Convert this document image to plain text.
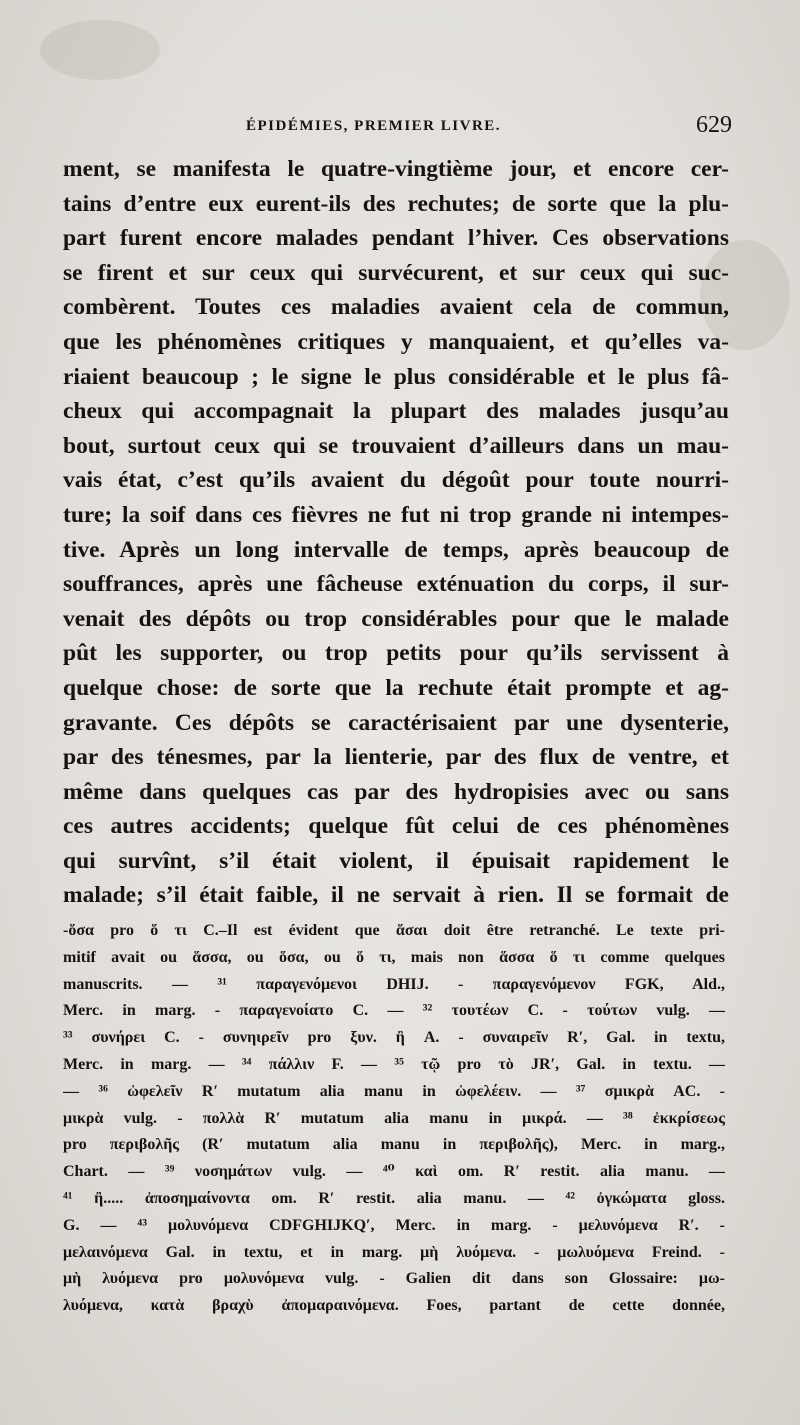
ÉPIDÉMIES, PREMIER LIVRE.	629
ment, se manifesta le quatre-vingtième jour, et encore cer-
tains d’entre eux eurent-ils des rechutes; de sorte que la plu-
part furent encore malades pendant l’hiver. Ces observations
se firent et sur ceux qui survécurent, et sur ceux qui suc-
combèrent. Toutes ces maladies avaient cela de commun,
que les phénomènes critiques y manquaient, et qu’elles va-
riaient beaucoup ; le signe le plus considérable et le plus fâ-
cheux qui accompagnait la plupart des malades jusqu’au
bout, surtout ceux qui se trouvaient d’ailleurs dans un mau-
vais état, c’est qu’ils avaient du dégoût pour toute nourri-
ture; la soif dans ces fièvres ne fut ni trop grande ni intempes-
tive. Après un long intervalle de temps, après beaucoup de
souffrances, après une fâcheuse exténuation du corps, il sur-
venait des dépôts ou trop considérables pour que le malade
pût les supporter, ou trop petits pour qu’ils servissent à
quelque chose: de sorte que la rechute était prompte et ag-
gravante. Ces dépôts se caractérisaient par une dysenterie,
par des ténesmes, par la lienterie, par des flux de ventre, et
même dans quelques cas par des hydropisies avec ou sans
ces autres accidents; quelque fût celui de ces phénomènes
qui survînt, s’il était violent, il épuisait rapidement le
malade; s’il était faible, il ne servait à rien. Il se formait de
-ὅσα pro ὅ τι C.–Il est évident que ἅσαι doit être retranché. Le texte pri-
mitif avait ou ἅσσα, ou ὅσα, ou ὅ τι, mais non ἅσσα ὅ τι comme quelques
manuscrits. — ³¹ παραγενόμενοι DHIJ. - παραγενόμενον FGK, Ald.,
Merc. in marg. - παραγενοίατο C. — ³² τουτέων C. - τούτων vulg. —
³³ συνήρει C. - συνηιρεῖν pro ξυν. ἢ A. - συναιρεῖν R′, Gal. in textu,
Merc. in marg. — ³⁴ πάλλιν F. — ³⁵ τῷ pro τὸ JR′, Gal. in textu. —
— ³⁶ ὠφελεῖν R′ mutatum alia manu in ὠφελέειν. — ³⁷ σμικρὰ AC. -
μικρὰ vulg. - πολλὰ R′ mutatum alia manu in μικρά. — ³⁸ ἐκκρίσεως
pro περιβολῆς (R′ mutatum alia manu in περιβολῆς), Merc. in marg.,
Chart. — ³⁹ νοσημάτων vulg. — ⁴⁰ καὶ om. R′ restit. alia manu. —
⁴¹ ἢ..... ἀποσημαίνοντα om. R′ restit. alia manu. — ⁴² ὀγκώματα gloss.
G. — ⁴³ μολυνόμενα CDFGHIJKQ′, Merc. in marg. - μελυνόμενα R′. -
μελαινόμενα Gal. in textu, et in marg. μὴ λυόμενα. - μωλυόμενα Freind. -
μὴ λυόμενα pro μολυνόμενα vulg. - Galien dit dans son Glossaire: μω-
λυόμενα, κατὰ βραχὺ ἀπομαραινόμενα. Foes, partant de cette donnée,
